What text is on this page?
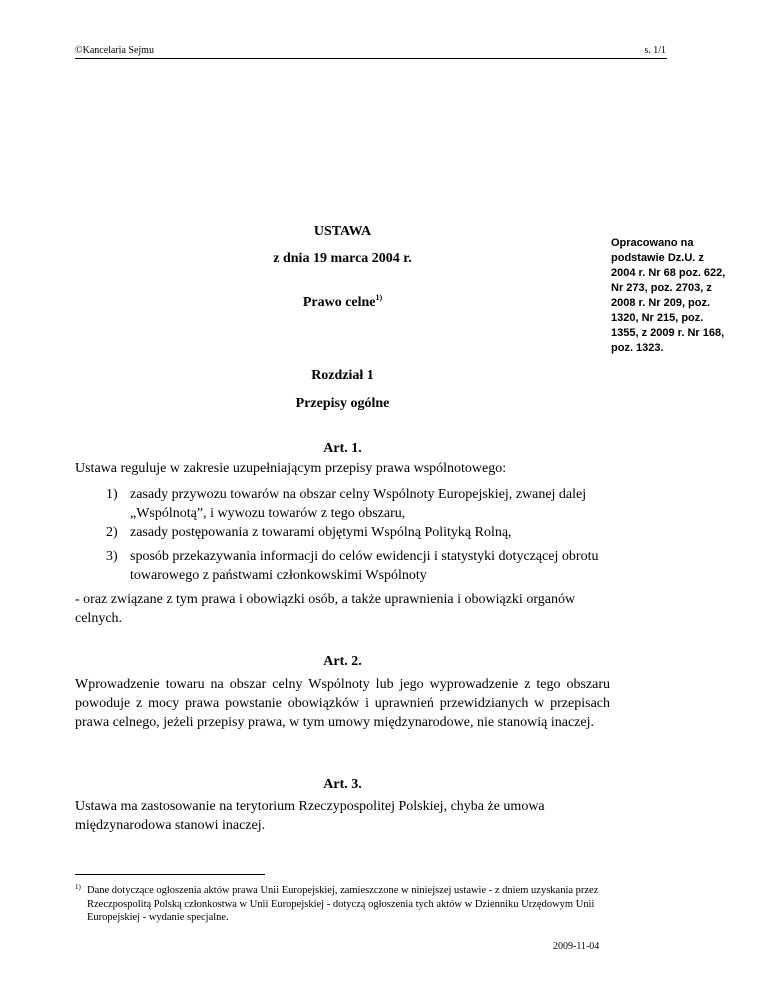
©Kancelaria Sejmu	s. 1/1
Opracowano na podstawie Dz.U. z 2004 r. Nr 68 poz. 622, Nr 273, poz. 2703, z 2008 r. Nr 209, poz. 1320, Nr 215, poz. 1355, z 2009 r. Nr 168, poz. 1323.
USTAWA
z dnia 19 marca 2004 r.
Prawo celne$^{1)}$
Rozdział 1
Przepisy ogólne
Art. 1.
Ustawa reguluje w zakresie uzupełniającym przepisy prawa wspólnotowego:
1) zasady przywozu towarów na obszar celny Wspólnoty Europejskiej, zwanej dalej „Wspólnotą”, i wywozu towarów z tego obszaru,
2) zasady postępowania z towarami objętymi Wspólną Polityką Rolną,
3) sposób przekazywania informacji do celów ewidencji i statystyki dotyczącej obrotu towarowego z państwami członkowskimi Wspólnoty
- oraz związane z tym prawa i obowiązki osób, a także uprawnienia i obowiązki organów celnych.
Art. 2.
Wprowadzenie towaru na obszar celny Wspólnoty lub jego wyprowadzenie z tego obszaru powoduje z mocy prawa powstanie obowiązków i uprawnień przewidzianych w przepisach prawa celnego, jeżeli przepisy prawa, w tym umowy międzynarodowe, nie stanowią inaczej.
Art. 3.
Ustawa ma zastosowanie na terytorium Rzeczypospolitej Polskiej, chyba że umowa międzynarodowa stanowi inaczej.
1) Dane dotyczące ogłoszenia aktów prawa Unii Europejskiej, zamieszczone w niniejszej ustawie - z dniem uzyskania przez Rzeczpospolitą Polską członkostwa w Unii Europejskiej - dotyczą ogłoszenia tych aktów w Dzienniku Urzędowym Unii Europejskiej - wydanie specjalne.
2009-11-04
